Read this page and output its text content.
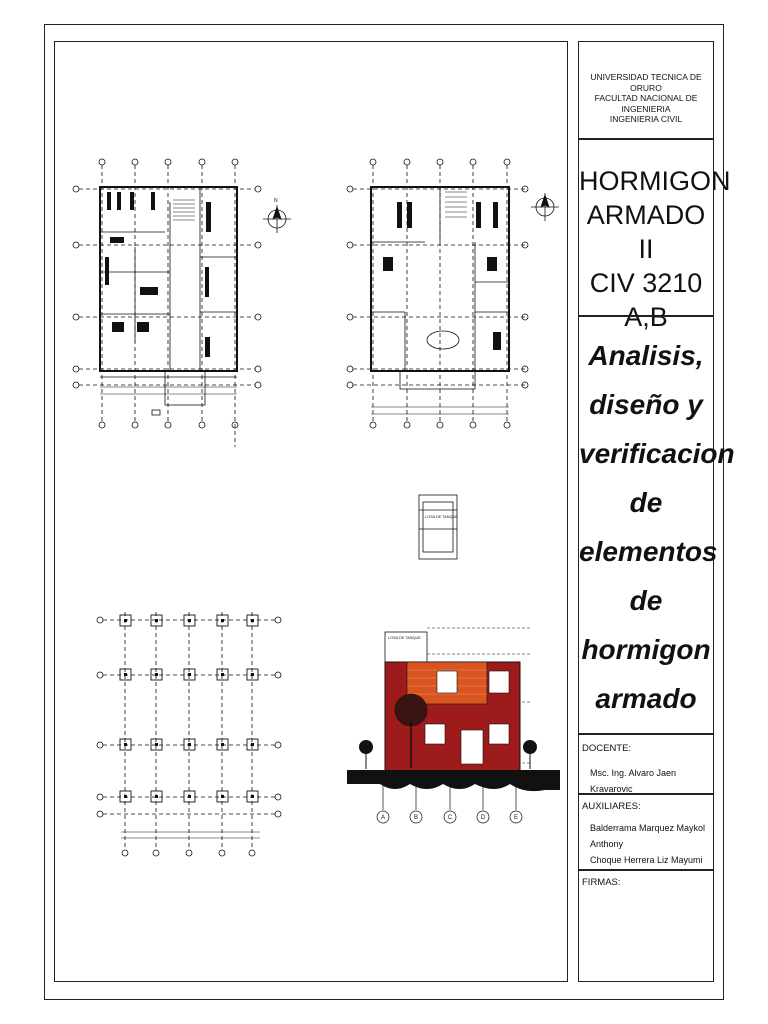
N
LOSA DE TANQUE
LOSA DE TANQUE
A	B	C	D	E
UNIVERSIDAD TECNICA DE ORURO
FACULTAD NACIONAL DE INGENIERIA
INGENIERIA CIVIL
HORMIGON
ARMADO II
CIV 3210 A,B
Analisis,
diseño y
verificacion
de
elementos
de
hormigon
armado
DOCENTE:
Msc. Ing. Alvaro Jaen Kravarovic
AUXILIARES:
Balderrama Marquez Maykol Anthony
Choque Herrera Liz Mayumi
FIRMAS:
